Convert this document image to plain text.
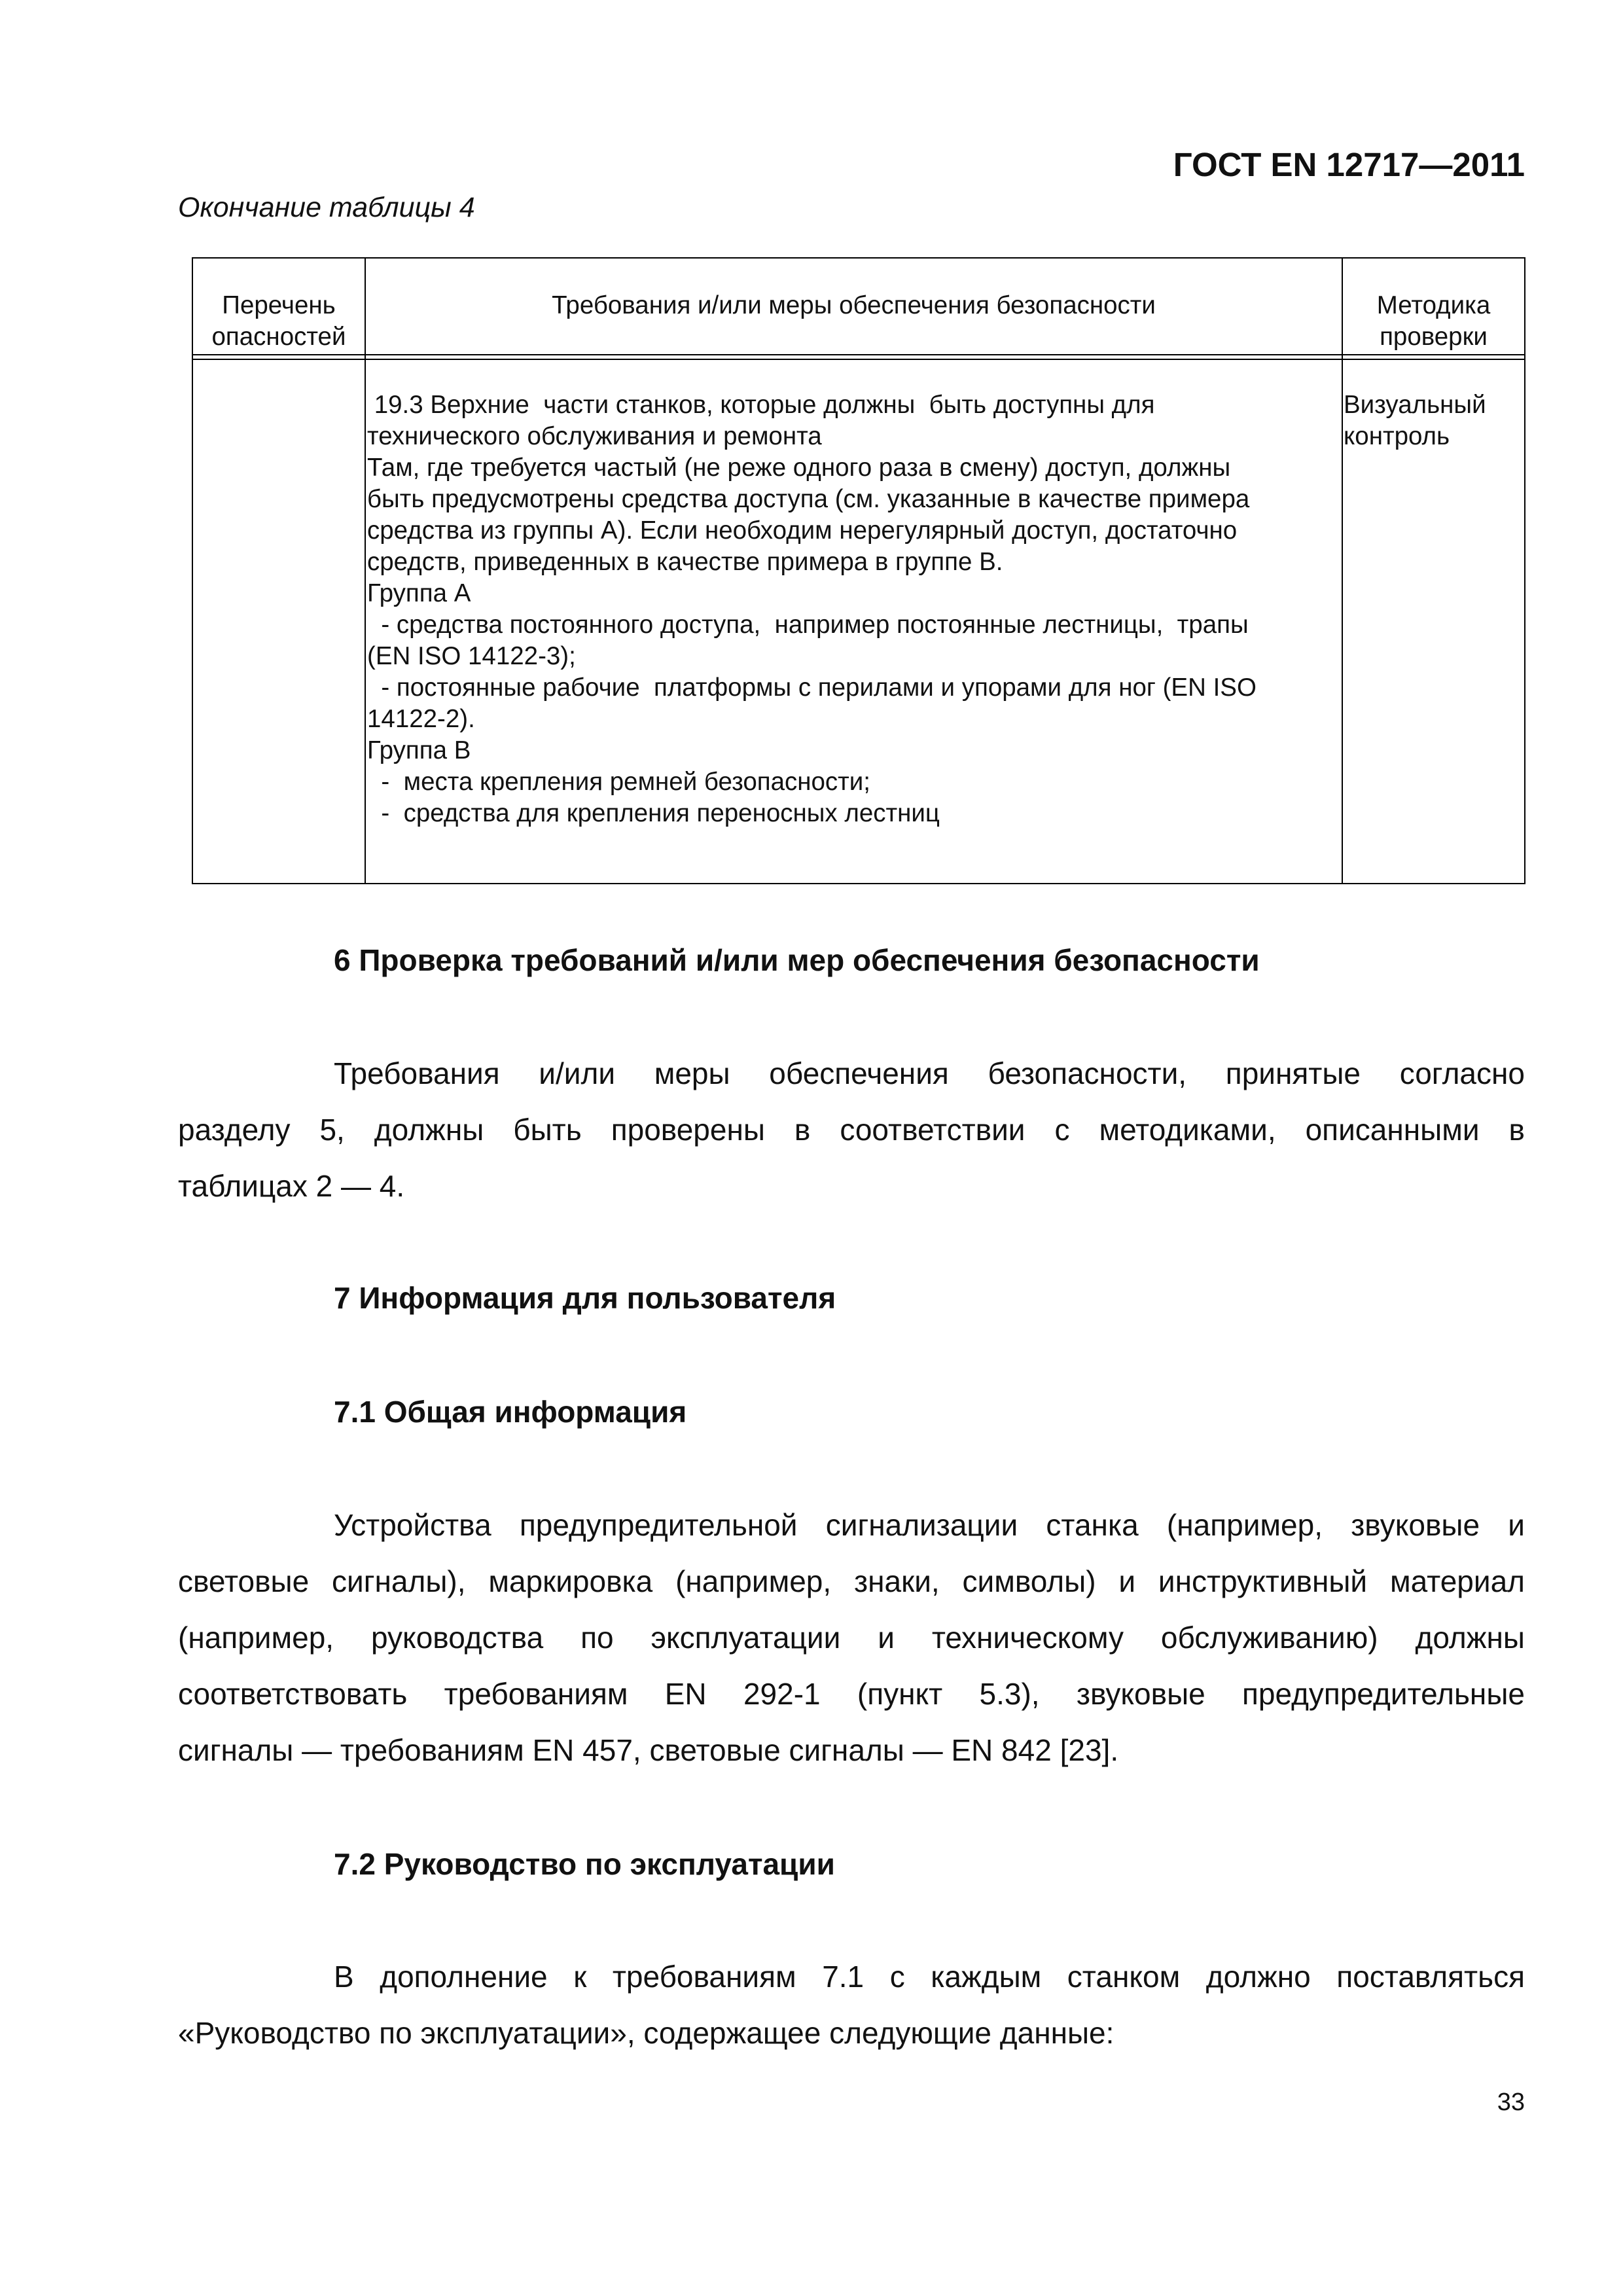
ГОСТ EN 12717—2011
Окончание таблицы 4
Перечень
опасностей
Требования и/или меры обеспечения безопасности	Методика
проверки
19.3 Верхние  части станков, которые должны  быть доступны для
технического обслуживания и ремонта
Там, где требуется частый (не реже одного раза в смену) доступ, должны
быть предусмотрены средства доступа (см. указанные в качестве примера
средства из группы А). Если необходим нерегулярный доступ, достаточно
средств, приведенных в качестве примера в группе В.
Группа А
- средства постоянного доступа,  например постоянные лестницы,  трапы
(EN ISO 14122-3);
- постоянные рабочие  платформы с перилами и упорами для ног (EN ISO
14122-2).
Группа В
-  места крепления ремней безопасности;
-  средства для крепления переносных лестниц
Визуальный
контроль
6 Проверка требований и/или мер обеспечения безопасности
Требования и/или меры обеспечения безопасности, принятые согласно
разделу 5, должны быть проверены в соответствии с методиками, описанными в
таблицах 2 — 4.
7 Информация для пользователя
7.1 Общая информация
Устройства предупредительной сигнализации станка (например, звуковые и
световые сигналы), маркировка (например, знаки, символы) и инструктивный материал
(например, руководства по эксплуатации и техническому обслуживанию) должны
соответствовать требованиям EN 292-1 (пункт 5.3), звуковые предупредительные
сигналы — требованиям EN 457, световые сигналы — EN 842 [23].
7.2 Руководство по эксплуатации
В дополнение к требованиям 7.1 с каждым станком должно поставляться
«Руководство по эксплуатации», содержащее следующие данные:
33
